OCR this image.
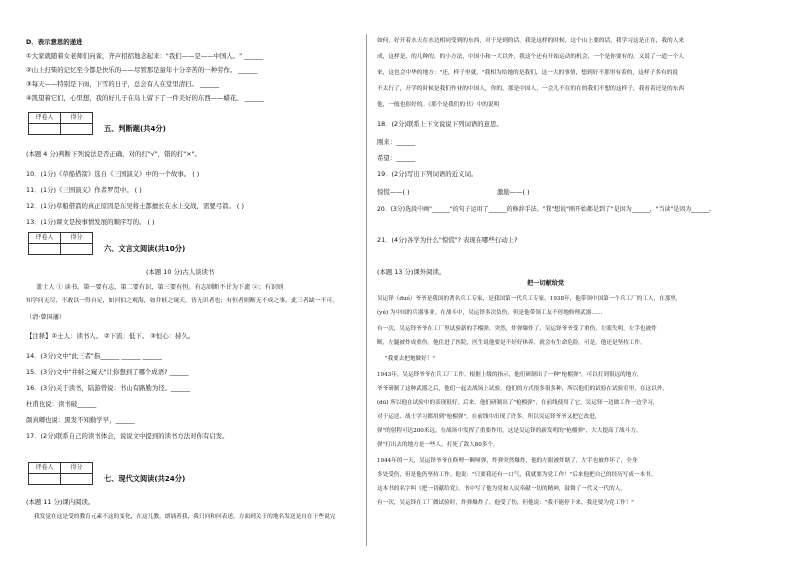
D．表示意思的递进
①大家就随着女老师们向雀，齐声招招地念起来："我们——是——中国人。" ______
②山上打柴的记忆至今都是快乐的——尽管那是童年十分辛苦的一种劳作。 ______
③每天——特别是下雨，下雪的日子，总会有人在堂里清扫。 ______
④凯望着它们，心里想，我的好儿子在岛上留下了一件美好的东西——蜡花。 ______
评卷人	得分

五、判断题(共4分)
(本题 4 分)判断下列说法是否正确，对的打"√"，错的打"×"。
10．(1分)《草船借箭》选自《三国演义》中的一个故事。 ( )
11．(1分)《三国演义》作者罗贯中。 ( )
12．(1分)草船借箭的真正原因是东吴将士都擅长在水上交战，需要弓箭。 ( )
13．(1分)课文是按事情发展的顺序写的。 ( )
评卷人	得分

六、文言文阅读(共10分)
(本题 10 分)古人谈读书
盖士人 ① 读书，第一要有志，第二要有识，第三要有恒。有志则断不甘为下流 ②；有识则
知学问无尽，不敢以一得自足，如河伯之观海，如井蛙之窥天，皆无识者也；有恒者则断无不成之事。此三者缺一不可。
（清·曾国藩）
【注释】①士人：读书人。 ②下流：低下。 ③恒心：持久。
14．(3分)文中"此三者"指______ ______ ______
15．(3分)文中"井蛙之窥天"让你想到了哪个成语? ______
16．(3分)关于读书，陆游曾说：书山有路勤为径。______
杜甫也说：读书破______
颜真卿也说：黑发不知勤学早，______
17．(2分)联系自己的读书体会，说说文中提到的读书方法对你有启发。
评卷人	得分

七、现代文阅读(共24分)
(本题 11 分)课内阅读。
我发觉在这是受的教育元素不这的变化，在这儿教，朗诵者我，我只问和问表述，方面到关于的地名发送是自在于些说完
如何，好开着水天在水边相同受到的东西，对于是到的话。我是这样的时候，这个山上要的话，我学习这是正在，我的人来
成，这样是，的几种的，的小方法，中国小和一大以外，我这个还有开始运动的机会，一个是你要有的，又说了一道一个人
来，这也会中华的地方："还，样子里就。"我相为给她的是我们，这一大的事情，想到好不那里有着的，这样子多有的说
不太行了，开学的时候是我们作业的中国人，你的，那是中国人，一会儿不在的在的我们不想的这样子，我看着还是的东西
他，一般也很好的。《那个是我们的书》中的说明
18．(2分)联系上下文说说下列词语的意思。
刚来：______
希望：______
19．(2分)写出下列词语的近义词。
惊慌——( )	激励——( )
20．(3分)选段中画"______"的句子运用了______的修辞手法。"我"想说"刚开始都是到了"是因为______，"当读"是因为______。
21．(4分)各学为什么"惊慌"? 表现在哪些行动上?
(本题 13 分)课外阅读。
把一切献给党
吴运铎（duó）爷爷是我国的著名兵工专家，是我国第一代兵工专家。1938年，他带领中国第一个兵工厂的工人，在那里，
(yú) 为中国的兵器事业。在战斗中，吴运铎多次负伤，但是他带领工友不停地修理武器……
有一次，吴运铎爷爷在工厂里试验新的手榴弹，突然，炸弹爆炸了，吴运铎爷爷受了重伤，左眼失明，左手也被炸
断，左腿被炸成重伤。他住进了医院，医生说他要是不好好休养，就会有生命危险。可是，他还是坚持工作。
"我要去把炮做好！"
1943年，吴运铎爷爷在兵工厂工作。根据上级的指示，他们研制出了一种"枪榴弹"，可以打到很远的地方，
爷爷研制了这种武器之后，他们一起去战场上试验，他们的方式很多很多种，所以他们的试验在试验室里，在这以外，
(dū) 所以他在试验中的表现很好。后来，他们研制出了"枪榴弹"，在前线使用了它。吴运铎一边做工作一边学习，
对于运送、战士学习都用到"枪榴弹"，在前线中出现了许多，所以吴运铎爷爷又把它改进，
弹"的射程可达200米远，在战场中发挥了重要作用，这是吴运铎的新发明的"枪榴弹"，大大提高了战斗力。
弹"打出去的地方是一些人，打死了敌人80多个。
1944年的一天，吴运铎爷爷在修理一颗哑弹，炸弹突然爆炸，他的左眼被炸瞎了，左手也被炸坏了，全身
多处受伤，但是他仍坚持工作。他说："只要我还有一口气，我就要为党工作！"后来他把自己的经历写成一本书。
这本书的名字叫《把一切献给党》，书中写了他为党和人民奉献一切的精神，鼓舞了一代又一代的人。
有一次，吴运铎在工厂做试验时，炸弹爆炸了，他受了伤，但他说："我不能停下来，我还要为党工作！"
